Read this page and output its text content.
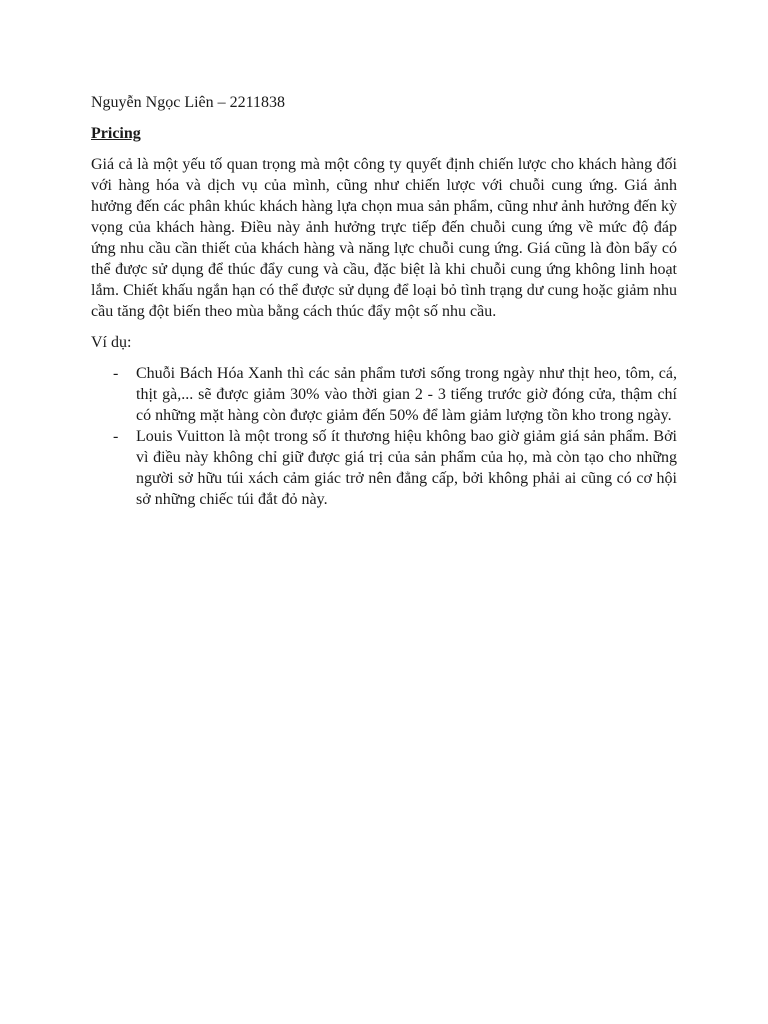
Nguyễn Ngọc Liên – 2211838

Pricing

Giá cả là một yếu tố quan trọng mà một công ty quyết định chiến lược cho khách hàng đối với hàng hóa và dịch vụ của mình, cũng như chiến lược với chuỗi cung ứng. Giá ảnh hưởng đến các phân khúc khách hàng lựa chọn mua sản phẩm, cũng như ảnh hưởng đến kỳ vọng của khách hàng. Điều này ảnh hưởng trực tiếp đến chuỗi cung ứng về mức độ đáp ứng nhu cầu cần thiết của khách hàng và năng lực chuỗi cung ứng. Giá cũng là đòn bẩy có thể được sử dụng để thúc đẩy cung và cầu, đặc biệt là khi chuỗi cung ứng không linh hoạt lắm. Chiết khấu ngắn hạn có thể được sử dụng để loại bỏ tình trạng dư cung hoặc giảm nhu cầu tăng đột biến theo mùa bằng cách thúc đẩy một số nhu cầu.

Ví dụ:

- Chuỗi Bách Hóa Xanh thì các sản phẩm tươi sống trong ngày như thịt heo, tôm, cá, thịt gà,... sẽ được giảm 30% vào thời gian 2 - 3 tiếng trước giờ đóng cửa, thậm chí có những mặt hàng còn được giảm đến 50% để làm giảm lượng tồn kho trong ngày.
- Louis Vuitton là một trong số ít thương hiệu không bao giờ giảm giá sản phẩm. Bởi vì điều này không chỉ giữ được giá trị của sản phẩm của họ, mà còn tạo cho những người sở hữu túi xách cảm giác trở nên đẳng cấp, bởi không phải ai cũng có cơ hội sở những chiếc túi đắt đỏ này.
